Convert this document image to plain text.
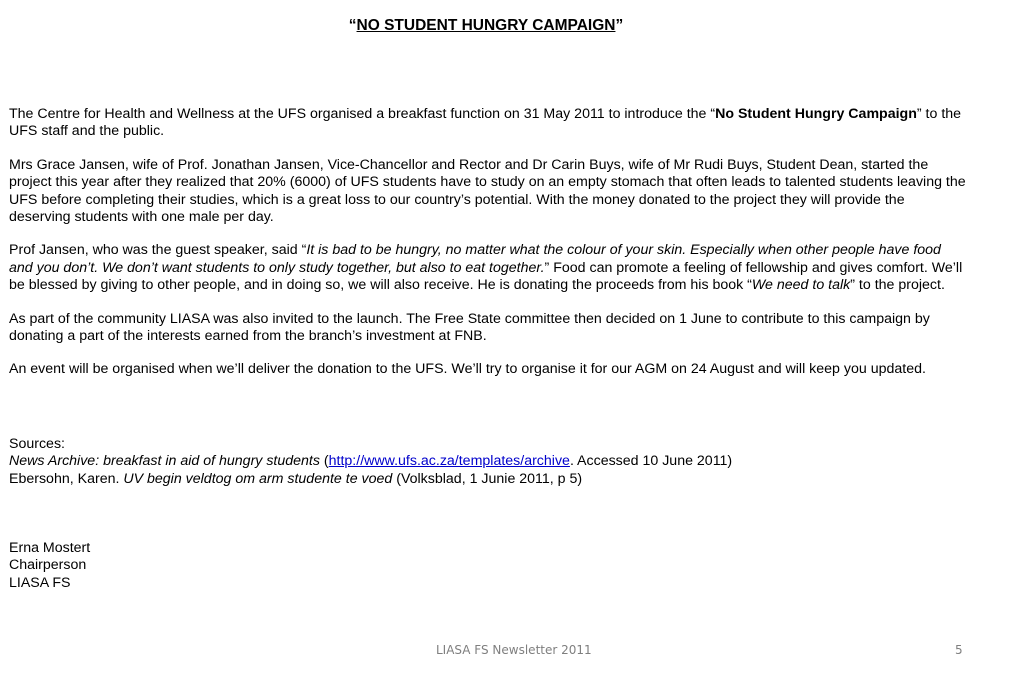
“NO STUDENT HUNGRY CAMPAIGN”

The Centre for Health and Wellness at the UFS organised a breakfast function on 31 May 2011 to introduce the “No Student Hungry Campaign” to the UFS staff and the public.

Mrs Grace Jansen, wife of Prof. Jonathan Jansen, Vice-Chancellor and Rector and Dr Carin Buys, wife of Mr Rudi Buys, Student Dean, started the project this year after they realized that 20% (6000) of UFS students have to study on an empty stomach that often leads to talented students leaving the UFS before completing their studies, which is a great loss to our country’s potential. With the money donated to the project they will provide the deserving students with one male per day.

Prof Jansen, who was the guest speaker, said “It is bad to be hungry, no matter what the colour of your skin. Especially when other people have food and you don’t. We don’t want students to only study together, but also to eat together.” Food can promote a feeling of fellowship and gives comfort. We’ll be blessed by giving to other people, and in doing so, we will also receive. He is donating the proceeds from his book “We need to talk” to the project.

As part of the community LIASA was also invited to the launch. The Free State committee then decided on 1 June to contribute to this campaign by donating a part of the interests earned from the branch’s investment at FNB.

An event will be organised when we’ll deliver the donation to the UFS. We’ll try to organise it for our AGM on 24 August and will keep you updated.

Sources:
News Archive: breakfast in aid of hungry students (http://www.ufs.ac.za/templates/archive. Accessed 10 June 2011)
Ebersohn, Karen. UV begin veldtog om arm studente te voed (Volksblad, 1 Junie 2011, p 5)
Erna Mostert
Chairperson
LIASA FS
LIASA FS Newsletter 2011	5
